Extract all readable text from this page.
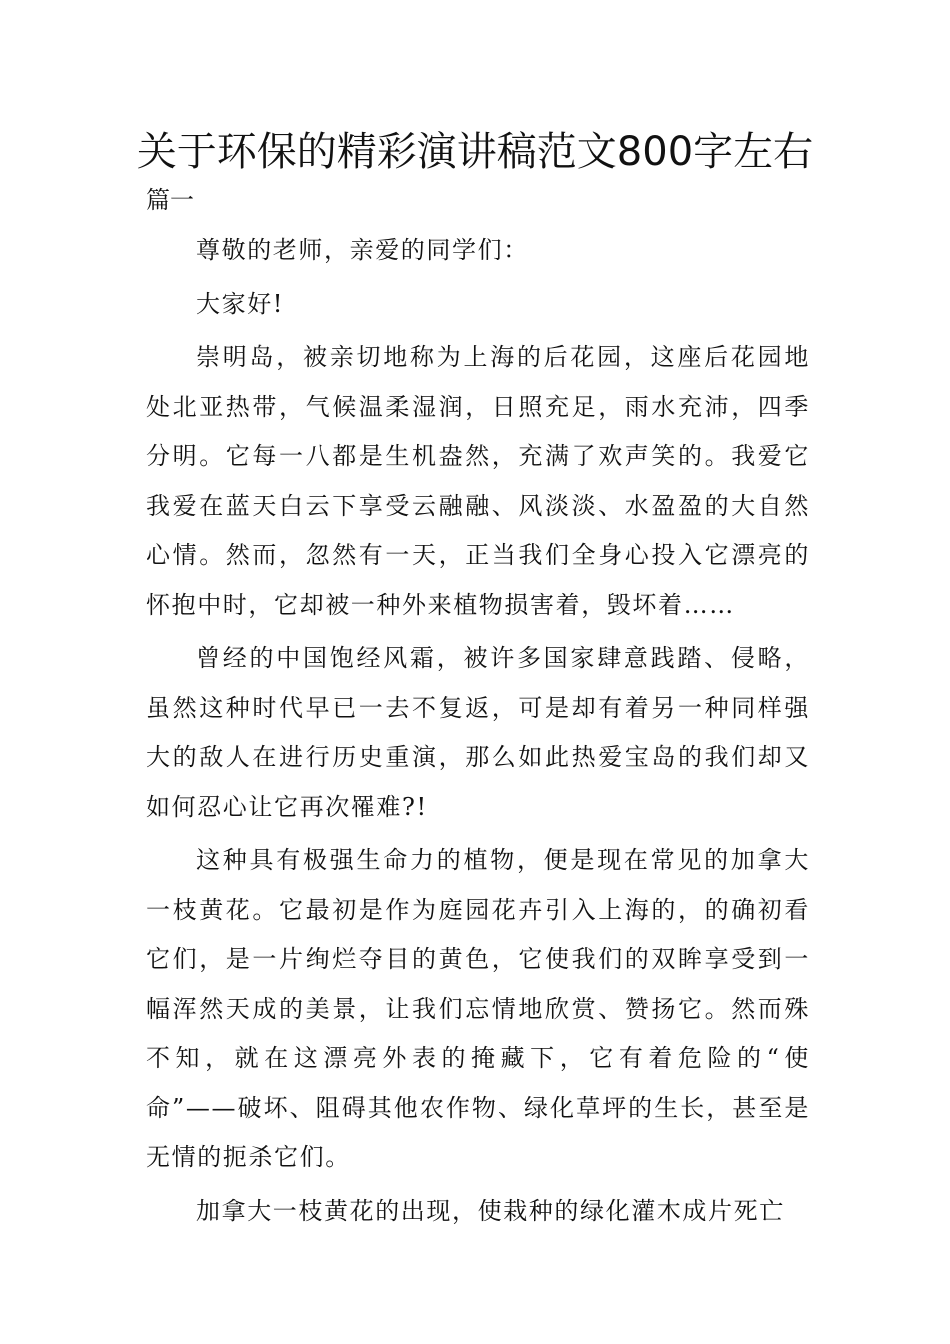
关于环保的精彩演讲稿范文800字左右

篇一

尊敬的老师，亲爱的同学们：

大家好!

崇明岛，被亲切地称为上海的后花园，这座后花园地处北亚热带，气候温柔湿润，日照充足，雨水充沛，四季分明。它每一八都是生机盎然，充满了欢声笑的。我爱它我爱在蓝天白云下享受云融融、风淡淡、水盈盈的大自然心情。然而，忽然有一天，正当我们全身心投入它漂亮的怀抱中时，它却被一种外来植物损害着，毁坏着……

曾经的中国饱经风霜，被许多国家肆意践踏、侵略，虽然这种时代早已一去不复返，可是却有着另一种同样强大的敌人在进行历史重演，那么如此热爱宝岛的我们却又如何忍心让它再次罹难?!

这种具有极强生命力的植物，便是现在常见的加拿大一枝黄花。它最初是作为庭园花卉引入上海的，的确初看它们，是一片绚烂夺目的黄色，它使我们的双眸享受到一幅浑然天成的美景，让我们忘情地欣赏、赞扬它。然而殊不知，就在这漂亮外表的掩藏下，它有着危险的“使命”——破坏、阻碍其他农作物、绿化草坪的生长，甚至是无情的扼杀它们。

加拿大一枝黄花的出现，使栽种的绿化灌木成片死亡
